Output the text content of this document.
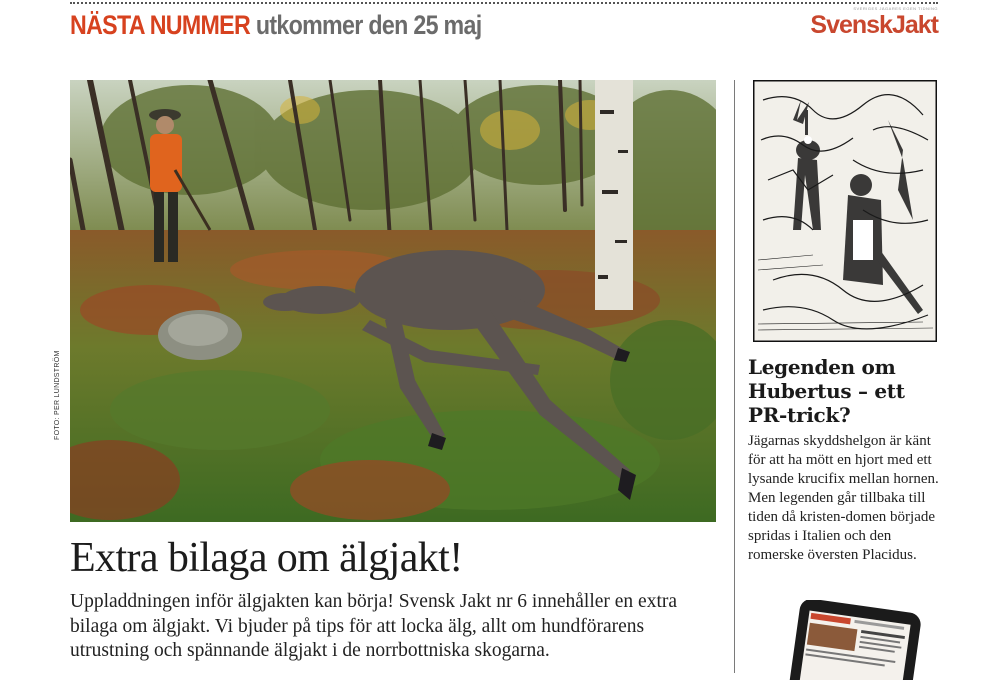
NÄSTA NUMMER utkommer den 25 maj
SVERIGES JÄGARES EGEN TIDNING
SvenskJakt
FOTO: PER LUNDSTRÖM
Extra bilaga om älgjakt!
Uppladdningen inför älgjakten kan börja! Svensk Jakt nr 6 innehåller en extra bilaga om älgjakt. Vi bjuder på tips för att locka älg, allt om hundförarens utrustning och spännande älgjakt i de norrbottniska skogarna.
Legenden om Hubertus – ett PR-trick?
Jägarnas skyddshelgon är känt för att ha mött en hjort med ett lysande krucifix mellan hornen. Men legenden går tillbaka till tiden då kristen-domen började spridas i Italien och den romerske översten Placidus.
